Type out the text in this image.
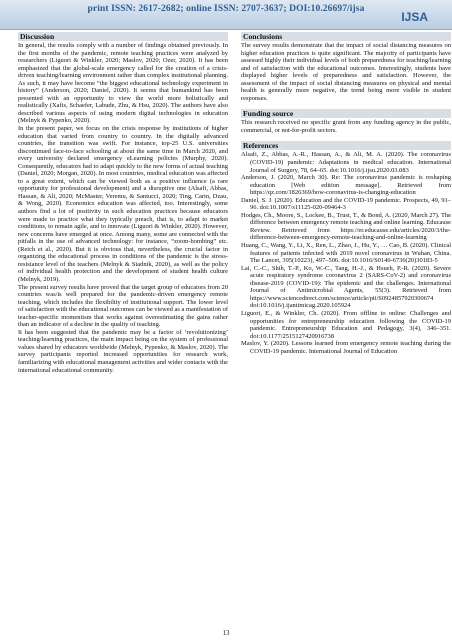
print ISSN: 2617-2682; online ISSN: 2707-3637; DOI:10.26697/ijsa
IJSA
Discussion

In general, the results comply with a number of findings obtained previously. In the first months of the pandemic, remote teaching practices were analyzed by researchers (Liguori & Winkler, 2020; Maslov, 2020; Ozer, 2020). It has been emphasized that the global-scale emergency called for the creation of a crisis-driven teaching/learning environment rather than complex institutional planning. As such, it may have become “the biggest educational technology experiment in history” (Anderson, 2020; Daniel, 2020). It seems that humankind has been presented with an opportunity to view the world more holistically and realistically (Xafis, Schaefer, Labude, Zhu, & Hsu, 2020). The authors have also described various aspects of using modern digital technologies in education (Melnyk & Pypenko, 2020).

In the present paper, we focus on the crisis response by institutions of higher education that varied from country to country. In the digitally advanced countries, the transition was swift. For instance, top-25 U.S. universities discontinued face-to-face schooling at about the same time in March 2020, and every university declared emergency eLearning policies (Murphy, 2020). Consequently, educators had to adapt quickly to the new forms of actual teaching (Daniel, 2020; Morgan, 2020). In most countries, medical education was affected to a great extent, which can be viewed both as a positive influence (a rare opportunity for professional development) and a disruptive one (Alsafi, Abbas, Hassan, & Ali, 2020; McMaster, Veremu, & Santucci, 2020; Ting, Carin, Dzau, & Wong, 2020). Economics education was affected, too. Interestingly, some authors find a lot of positivity in such education practices because educators were made to practice what they typically preach, that is, to adapt to market conditions, to remain agile, and to innovate (Liguori & Winkler, 2020). However, new concerns have emerged at once. Among many, some are connected with the pitfalls in the use of advanced technology: for instance, “zoom-bombing” etc. (Reich et al., 2020). But it is obvious that, nevertheless, the crucial factor in organizing the educational process in conditions of the pandemic is the stress-resistance level of the teachers (Melnyk & Stadnik, 2020), as well as the policy of individual health protection and the development of student health culture (Melnyk, 2019).

The present survey results have proved that the target group of educators from 20 countries was/is well prepared for the pandemic-driven emergency remote teaching, which includes the flexibility of institutional support. The lower level of satisfaction with the educational outcomes can be viewed as a manifestation of teacher-specific momentism that works against overestimating the gains rather than an indicator of a decline in the quality of teaching.

It has been suggested that the pandemic may be a factor of ‘revolutionizing’ teaching/learning practices, the main impact being on the system of professional values shared by educators worldwide (Melnyk, Pypenko, & Maslov, 2020). The survey participants reported increased opportunities for research work, familiarizing with educational management activities and wider contacts with the international educational community.

Conclusions

The survey results demonstrate that the impact of social distancing measures on higher education practices is quite significant. The majority of participants have assessed highly their individual levels of both preparedness for teaching/learning and of satisfaction with the educational outcomes. Interestingly, students have displayed higher levels of preparedness and satisfaction. However, the assessment of the impact of social distancing measures on physical and mental health is generally more negative, the trend being more visible in student responses.

Funding source

This research received no specific grant from any funding agency in the public, commercial, or not-for-profit sectors.

References

Alsafi, Z., Abbas, A.-R., Hassan, A., & Ali, M. A. (2020). The coronavirus (COVID-19) pandemic: Adaptations in medical education. International Journal of Surgery, 78, 64–65. doi:10.1016/j.ijsu.2020.03.083

Anderson, J. (2020, March 30). Re: The coronavirus pandemic is reshaping education [Web edition message]. Retrieved from https://qz.com/1826369/how-coronavirus-is-changing-education

Daniel, S. J. (2020). Education and the COVID-19 pandemic. Prospects, 49, 91–96. doi:10.1007/s11125-020-09464-3

Hodges, Ch., Moore, S., Lockee, B., Trust, T., & Bond, A. (2020, March 27). The difference between emergency remote teaching and online learning. Educause Review. Retrieved from https://er.educause.edu/articles/2020/3/the-difference-between-emergency-remote-teaching-and-online-learning

Huang, C., Wang, Y., Li, X., Ren, L., Zhao, J., Hu, Y., … Cao, B. (2020). Clinical features of patients infected with 2019 novel coronavirus in Wuhan, China. The Lancet, 395(10223), 497–506. doi:10.1016/S0140-6736(20)30183-5

Lai, C.-C., Shih, T.-P., Ko, W.-C., Tang, H.-J., & Hsueh, P.-R. (2020). Severe acute respiratory syndrome coronavirus 2 (SARS-CoV-2) and coronavirus disease-2019 (COVID-19): The epidemic and the challenges. International Journal of Antimicrobial Agents, 55(3). Retrieved from https://www.sciencedirect.com/science/article/pii/S0924857920300674 doi:10.1016/j.ijantimicag.2020.105924

Liguori, E., & Winkler, Ch. (2020). From offline to online: Challenges and opportunities for entrepreneurship education following the COVID-19 pandemic. Entrepreneurship Education and Pedagogy, 3(4), 346–351. doi:10.1177/2515127420916738

Maslov, Y. (2020). Lessons learned from emergency remote teaching during the COVID-19 pandemic. International Journal of Education

13
